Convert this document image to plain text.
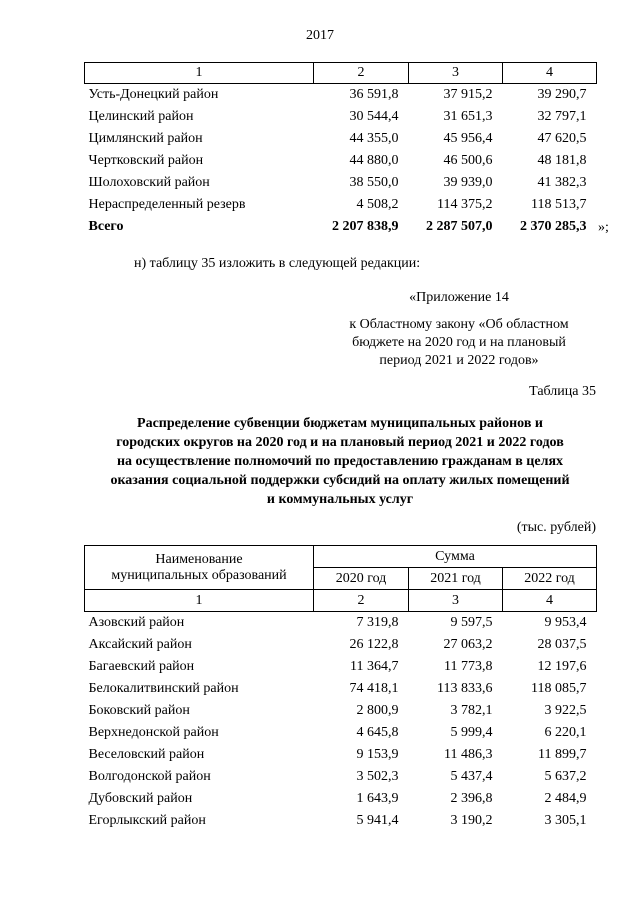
2017
1	2	3	4
Усть-Донецкий район	36 591,8	37 915,2	39 290,7
Целинский район	30 544,4	31 651,3	32 797,1
Цимлянский район	44 355,0	45 956,4	47 620,5
Чертковский район	44 880,0	46 500,6	48 181,8
Шолоховский район	38 550,0	39 939,0	41 382,3
Нераспределенный резерв	4 508,2	114 375,2	118 513,7
Всего	2 207 838,9	2 287 507,0	2 370 285,3 »;
н) таблицу 35 изложить в следующей редакции:
«Приложение 14
к Областному закону «Об областном
бюджете на 2020 год и на плановый
период 2021 и 2022 годов»
Таблица 35
Распределение субвенции бюджетам муниципальных районов и
городских округов на 2020 год и на плановый период 2021 и 2022 годов
на осуществление полномочий по предоставлению гражданам в целях
оказания социальной поддержки субсидий на оплату жилых помещений
и коммунальных услуг
(тыс. рублей)
Наименование
муниципальных образований	Сумма		
	2020 год	2021 год	2022 год
1	2	3	4
Азовский район	7 319,8	9 597,5	9 953,4
Аксайский район	26 122,8	27 063,2	28 037,5
Багаевский район	11 364,7	11 773,8	12 197,6
Белокалитвинский район	74 418,1	113 833,6	118 085,7
Боковский район	2 800,9	3 782,1	3 922,5
Верхнедонской район	4 645,8	5 999,4	6 220,1
Веселовский район	9 153,9	11 486,3	11 899,7
Волгодонской район	3 502,3	5 437,4	5 637,2
Дубовский район	1 643,9	2 396,8	2 484,9
Егорлыкский район	5 941,4	3 190,2	3 305,1
